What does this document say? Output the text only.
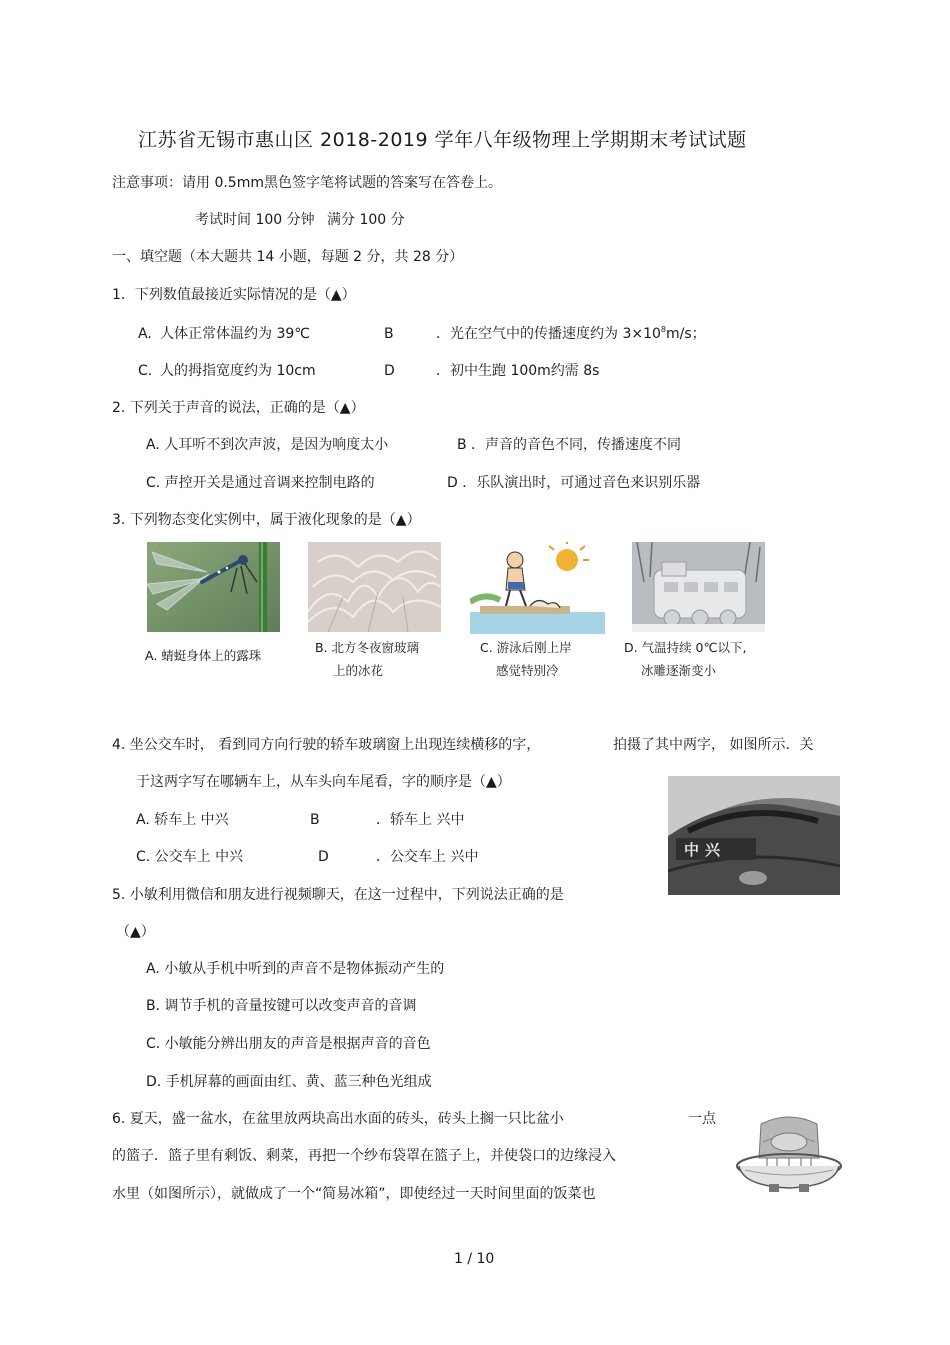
江苏省无锡市惠山区 2018-2019 学年八年级物理上学期期末考试试题
注意事项：请用 0.5mm黑色签字笔将试题的答案写在答卷上。
考试时间 100 分钟 满分 100 分
一、填空题（本大题共 14 小题，每题 2 分，共 28 分）
1．下列数值最接近实际情况的是（▲）
A. 人体正常体温约为 39℃	B	．光在空气中的传播速度约为 $3\times 10^8m/s$；
C. 人的拇指宽度约为 10cm	D	．初中生跑 100m约需 8s
2. 下列关于声音的说法，正确的是（▲）
A. 人耳听不到次声波，是因为响度太小	B ．声音的音色不同，传播速度不同
C. 声控开关是通过音调来控制电路的	D ．乐队演出时，可通过音色来识别乐器
3. 下列物态变化实例中，属于液化现象的是（▲）
A. 蜻蜓身体上的露珠
B. 北方冬夜窗玻璃
上的冰花
C. 游泳后刚上岸
感觉特别冷
D. 气温持续 0℃以下,
冰雕逐渐变小
4. 坐公交车时， 看到同方向行驶的轿车玻璃窗上出现连续横移的字，	拍摄了其中两字， 如图所示．关
于这两字写在哪辆车上，从车头向车尾看，字的顺序是（▲）
A. 轿车上 中兴	B	．轿车上 兴中
C. 公交车上 中兴	D	．公交车上 兴中	中兴
5. 小敏利用微信和朋友进行视频聊天，在这一过程中，下列说法正确的是
（▲）
A. 小敏从手机中听到的声音不是物体振动产生的
B. 调节手机的音量按键可以改变声音的音调
C. 小敏能分辨出朋友的声音是根据声音的音色
D. 手机屏幕的画面由红、黄、蓝三种色光组成
6. 夏天，盛一盆水，在盆里放两块高出水面的砖头，砖头上搁一只比盆小	一点
的篮子．篮子里有剩饭、剩菜，再把一个纱布袋罩在篮子上，并使袋口的边缘浸入
水里（如图所示），就做成了一个“简易冰箱”，即使经过一天时间里面的饭菜也
1 / 10
